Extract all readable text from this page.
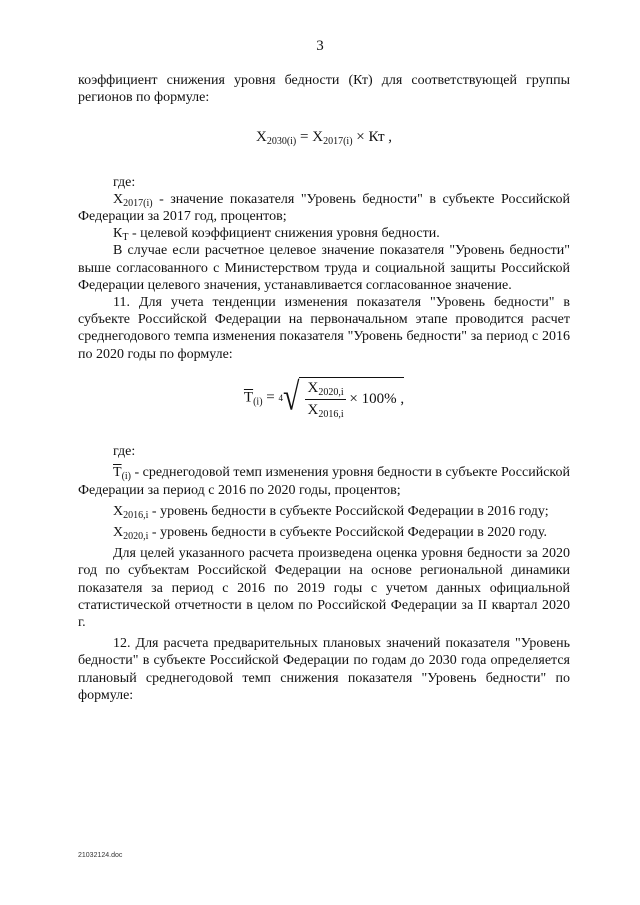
3

коэффициент снижения уровня бедности (Кт) для соответствующей группы регионов по формуле:

$X_{2030(i)} = X_{2017(i)}$ × Кт ,

где:

$X_{2017(i)}$ - значение показателя "Уровень бедности" в субъекте Российской Федерации за 2017 год, процентов;

$К_Т$ - целевой коэффициент снижения уровня бедности.

В случае если расчетное целевое значение показателя "Уровень бедности" выше согласованного с Министерством труда и социальной защиты Российской Федерации целевого значения, устанавливается согласованное значение.

11. Для учета тенденции изменения показателя "Уровень бедности" в субъекте Российской Федерации на первоначальном этапе проводится расчет среднегодового темпа изменения показателя "Уровень бедности" за период с 2016 по 2020 годы по формуле:

$\overline{T}_{(i)} = 4$ √ $\frac{X_{2020,i}}{X_{2016,i}} \times 100\%$ ,

где:

$\overline{T}_{(i)}$ - среднегодовой темп изменения уровня бедности в субъекте Российской Федерации за период с 2016 по 2020 годы, процентов;

$X_{2016,i}$ - уровень бедности в субъекте Российской Федерации в 2016 году;

$X_{2020,i}$ - уровень бедности в субъекте Российской Федерации в 2020 году.

Для целей указанного расчета произведена оценка уровня бедности за 2020 год по субъектам Российской Федерации на основе региональной динамики показателя за период с 2016 по 2019 годы с учетом данных официальной статистической отчетности в целом по Российской Федерации за II квартал 2020 г.

12. Для расчета предварительных плановых значений показателя "Уровень бедности" в субъекте Российской Федерации по годам до 2030 года определяется плановый среднегодовой темп снижения показателя "Уровень бедности" по формуле:

21032124.doc
